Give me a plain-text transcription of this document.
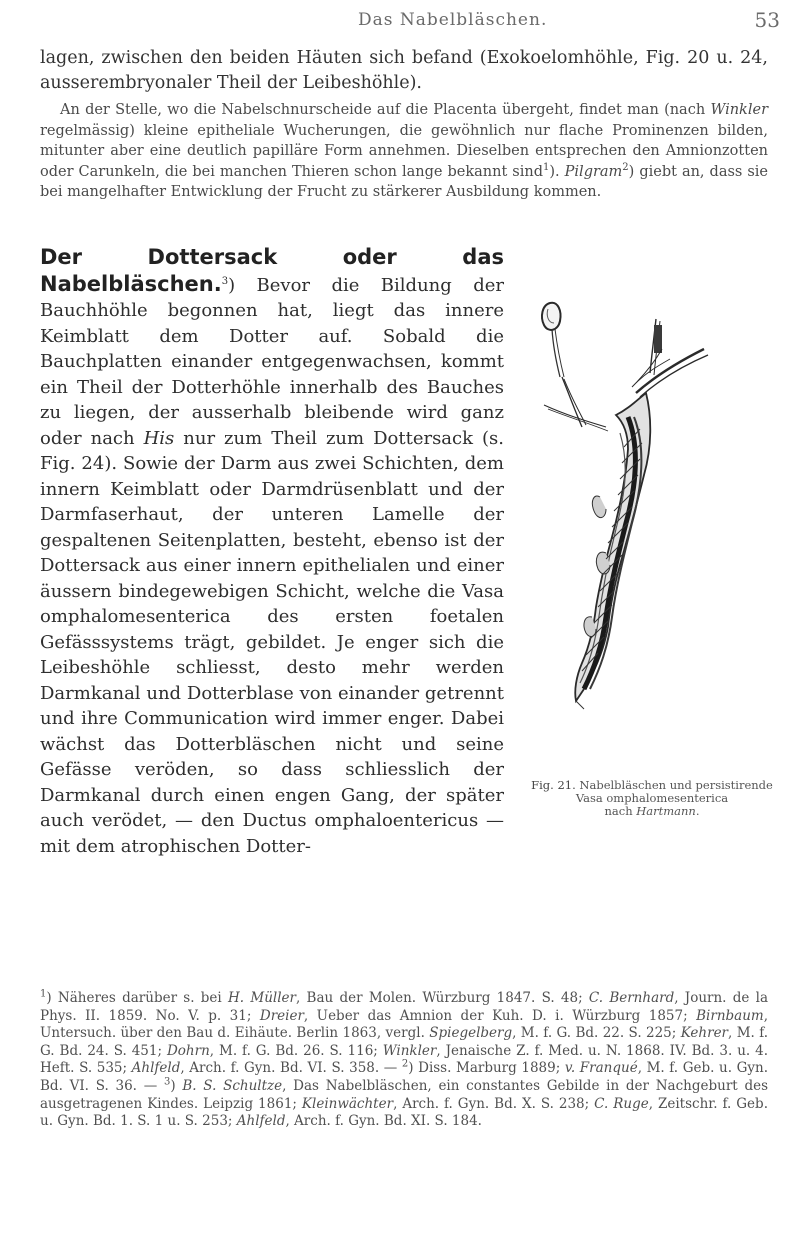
Das Nabelbläschen.	53

lagen, zwischen den beiden Häuten sich befand (Exokoelomhöhle, Fig. 20 u. 24, ausserembryonaler Theil der Leibeshöhle).

An der Stelle, wo die Nabelschnurscheide auf die Placenta übergeht, findet man (nach Winkler regelmässig) kleine epitheliale Wucherungen, die gewöhnlich nur flache Prominenzen bilden, mitunter aber eine deutlich papilläre Form annehmen. Dieselben entsprechen den Amnionzotten oder Carunkeln, die bei manchen Thieren schon lange bekannt sind$^1$). Pilgram$^2$) giebt an, dass sie bei mangelhafter Entwicklung der Frucht zu stärkerer Ausbildung kommen.

Fig. 21. Nabelbläschen und persistirende Vasa omphalomesenterica
nach Hartmann.

Der Dottersack oder das Nabelbläschen.$^3$) Bevor die Bildung der Bauchhöhle begonnen hat, liegt das innere Keimblatt dem Dotter auf. Sobald die Bauchplatten einander entgegenwachsen, kommt ein Theil der Dotterhöhle innerhalb des Bauches zu liegen, der ausserhalb bleibende wird ganz oder nach His nur zum Theil zum Dottersack (s. Fig. 24). Sowie der Darm aus zwei Schichten, dem innern Keimblatt oder Darmdrüsenblatt und der Darmfaserhaut, der unteren Lamelle der gespaltenen Seitenplatten, besteht, ebenso ist der Dottersack aus einer innern epithelialen und einer äussern bindegewebigen Schicht, welche die Vasa omphalomesenterica des ersten foetalen Gefässsystems trägt, gebildet. Je enger sich die Leibeshöhle schliesst, desto mehr werden Darmkanal und Dotterblase von einander getrennt und ihre Communication wird immer enger. Dabei wächst das Dotterbläschen nicht und seine Gefässe veröden, so dass schliesslich der Darmkanal durch einen engen Gang, der später auch verödet, — den Ductus omphaloentericus — mit dem atrophischen Dotter-

$^1$) Näheres darüber s. bei H. Müller, Bau der Molen. Würzburg 1847. S. 48; C. Bernhard, Journ. de la Phys. II. 1859. No. V. p. 31; Dreier, Ueber das Amnion der Kuh. D. i. Würzburg 1857; Birnbaum, Untersuch. über den Bau d. Eihäute. Berlin 1863, vergl. Spiegelberg, M. f. G. Bd. 22. S. 225; Kehrer, M. f. G. Bd. 24. S. 451; Dohrn, M. f. G. Bd. 26. S. 116; Winkler, Jenaische Z. f. Med. u. N. 1868. IV. Bd. 3. u. 4. Heft. S. 535; Ahlfeld, Arch. f. Gyn. Bd. VI. S. 358. — $^2$) Diss. Marburg 1889; v. Franqué, M. f. Geb. u. Gyn. Bd. VI. S. 36. — $^3$) B. S. Schultze, Das Nabelbläschen, ein constantes Gebilde in der Nachgeburt des ausgetragenen Kindes. Leipzig 1861; Kleinwächter, Arch. f. Gyn. Bd. X. S. 238; C. Ruge, Zeitschr. f. Geb. u. Gyn. Bd. 1. S. 1 u. S. 253; Ahlfeld, Arch. f. Gyn. Bd. XI. S. 184.
